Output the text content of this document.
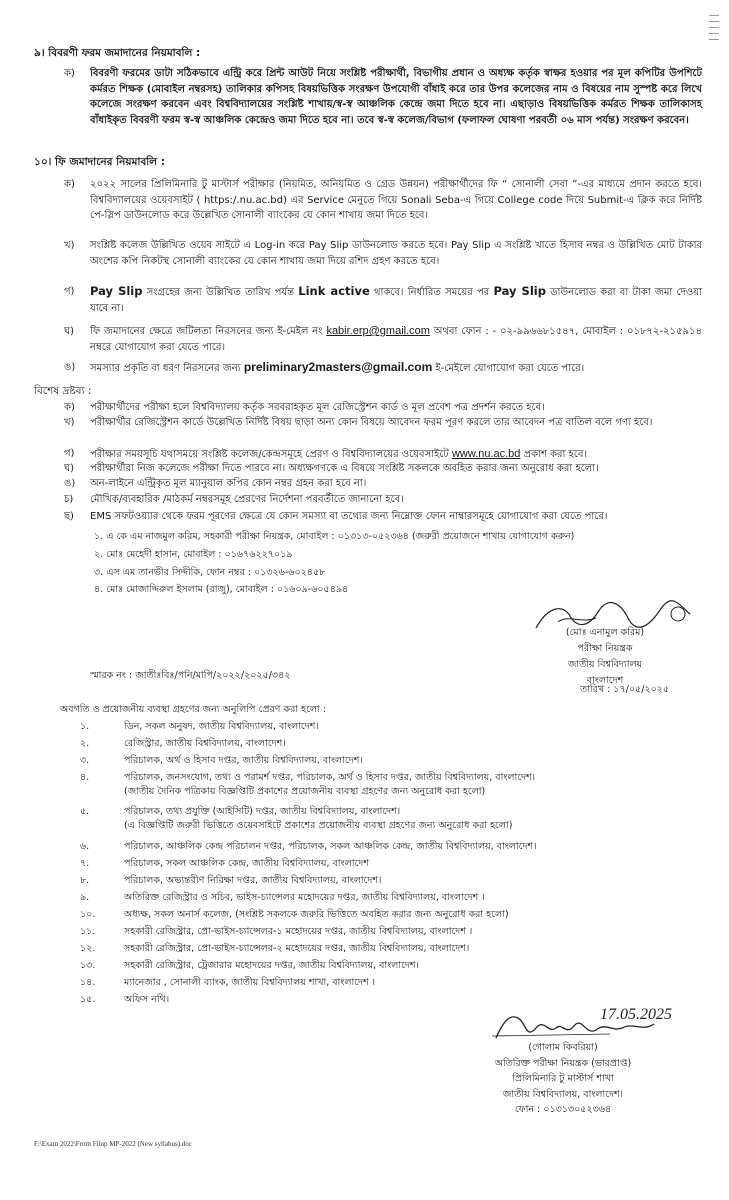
৯। বিবরণী ফরম জমাদানের নিয়মাবলি :
ক) বিবরণী ফরমের ডাটা সঠিকভাবে এন্ট্রি করে প্রিন্ট আউট নিয়ে সংশ্লিষ্ট পরীক্ষার্থী, বিভাগীয় প্রধান ও অধ্যক্ষ কর্তৃক স্বাক্ষর হওয়ার পর মূল কপিটির উপশিটে কর্মরত শিক্ষক (মোবাইল নম্বরসহ) তালিকার কপিসহ বিষয়ভিত্তিক সংরক্ষণ উপযোগী বাঁধাই করে তার উপর কলেজের নাম ও বিষয়ের নাম সুস্পষ্ট করে লিখে কলেজে সংরক্ষণ করবেন এবং বিশ্ববিদ্যালয়ের সংশ্লিষ্ট শাখায়/স্ব-স্ব আঞ্চলিক কেন্দ্রে জমা দিতে হবে না। এছাড়াও বিষয়ভিত্তিক কর্মরত শিক্ষক তালিকাসহ বাঁধাইকৃত বিবরণী ফরম স্ব-স্ব আঞ্চলিক কেন্দ্রেও জমা দিতে হবে না। তবে স্ব-স্ব কলেজ/বিভাগ (ফলাফল ঘোষণা পরবর্তী ০৬ মাস পর্যন্ত) সংরক্ষণ করবেন।
১০। ফি জমাদানের নিয়মাবলি :
ক) ২০২২ সালের প্রিলিমিনারি টু মাস্টার্স পরীক্ষার (নিয়মিত, অনিয়মিত ও গ্রেড উন্নয়ন) পরীক্ষার্থীদের ফি “ সোনালী সেবা ”-এর মাধ্যমে প্রদান করতে হবে। বিশ্ববিদ্যালয়ের ওয়েবসাইট ( https:/.nu.ac.bd) এর Service মেনুতে গিয়ে Sonali Seba-এ গিয়ে College code দিয়ে Submit-এ ক্লিক করে নির্দিষ্ট পে-স্লিপ ডাউনলোড করে উল্লেখিত সোনালী ব্যাংকের যে কোন শাখায় জমা দিতে হবে।
খ) সংশ্লিষ্ট কলেজ উল্লিখিত ওয়েব সাইটে এ Log-in করে Pay Slip ডাউনলোড করতে হবে। Pay Slip এ সংশ্লিষ্ট খাতে হিসাব নম্বর ও উল্লিখিত মোট টাকার অংশের কপি নিকটস্থ সোনালী ব্যাংকের যে কোন শাখায় জমা দিয়ে রশিদ গ্রহণ করতে হবে।
গ) Pay Slip সংগ্রহের জন্য উল্লিখিত তারিখ পর্যন্ত Link active থাকবে। নির্ধারিত সময়ের পর Pay Slip ডাউনলোড করা বা টাকা জমা দেওয়া যাবে না।
ঘ) ফি জমাদানের ক্ষেত্রে জটিলতা নিরসনের জন্য ই-মেইল নং kabir.erp@gmail.com অথবা ফোন : - ০২-৯৯৬৬৮১৫৪৭, মোবাইল : ০১৮৭২-২১৫৯১৪ নম্বরে যোগাযোগ করা যেতে পারে।
ঙ) সমস্যার প্রকৃতি বা ধরণ নিরসনের জন্য preliminary2masters@gmail.com ই-মেইলে যোগাযোগ করা যেতে পারে।
বিশেষ দ্রষ্টব্য :
ক) পরীক্ষার্থীদের পরীক্ষা হলে বিশ্ববিদ্যালয় কর্তৃক সরবরাহকৃত মূল রেজিস্ট্রেশন কার্ড ও মূল প্রবেশ পত্র প্রদর্শন করতে হবে।
খ) পরীক্ষার্থীর রেজিস্ট্রেশন কার্ডে উল্লেখিত নির্দিষ্ট বিষয় ছাড়া অন্য কোন বিষয়ে আবেদন ফরম পূরণ করলে তার আবেদন পত্র বাতিল বলে গণ্য হবে।
গ) পরীক্ষার সময়সূচি যথাসময়ে সংশ্লিষ্ট কলেজ/কেন্দ্রসমূহে প্রেরণ ও বিশ্ববিদ্যালয়ের ওয়েবসাইটে www.nu.ac.bd প্রকাশ করা হবে।
ঘ) পরীক্ষার্থীরা নিজ কলেজে পরীক্ষা দিতে পারবে না। অধ্যক্ষগণকে এ বিষয়ে সংশ্লিষ্ট সকলকে অবহিত করার জন্য অনুরোধ করা হলো।
ঙ) অন-লাইনে এন্ট্রিকৃত মূল ম্যানুয়াল কপির কোন নম্বর গ্রহন করা হবে না।
চ) মৌখিক/ব্যবহারিক /মাঠকর্ম নম্বরসমূহ প্রেরণের নির্দেশনা পরবর্তীতে জানানো হবে।
ছ) EMS সফটওয়্যার থেকে ফরম পূরণের ক্ষেত্রে যে কোন সমস্যা বা তথ্যের জন্য নিম্নোক্ত ফোন নাম্বারসমূহে যোগাযোগ করা যেতে পারে।
১. এ কে এম নাজমুল করিম, সহকারী পরীক্ষা নিয়ন্ত্রক, মোবাইল : ০১৩১৩-০৫২৩৬৪ (জরুরী প্রয়োজনে শাখায় যোগাযোগ করুন)
২. মোঃ মেহেদী হাসান, মোবাইল : ০১৬৭৬২২৭০১৯
৩. এস এম তানভীর সিদ্দীকি, ফোন নম্বর : ০১৩২৬-৬০২৪৫৮
৪. মোঃ মোজাদ্দিরুল ইসলাম (রাজু), মোবাইল : ০১৬০৯-৬০৫৪৯৪
(মোঃ এনামুল করিম)
পরীক্ষা নিয়ন্ত্রক
জাতীয় বিশ্ববিদ্যালয়
বাংলাদেশ
স্মারক নং : জাতীঃবিঃ/পনি/মাপি/২০২২/২০২৫/৩৪২
তারিখ : ১৭/০৫/২০২৫
অবগতি ও প্রয়োজনীয় ব্যবস্থা গ্রহণের জন্য অনুলিপি প্রেরণ করা হলো :
১.	ডিন, সকল অনুষদ, জাতীয় বিশ্ববিদ্যালয়, বাংলাদেশ।
২.	রেজিস্ট্রার, জাতীয় বিশ্ববিদ্যালয়, বাংলাদেশ।
৩.	পরিচালক, অর্থ ও হিসাব দপ্তর, জাতীয় বিশ্ববিদ্যালয়, বাংলাদেশ।
৪.	পরিচালক, জনসংযোগ, তথ্য ও পরামর্শ দপ্তর, পরিচালক, অর্থ ও হিসাব দপ্তর, জাতীয় বিশ্ববিদ্যালয়, বাংলাদেশ।
(জাতীয় দৈনিক পত্রিকায় বিজ্ঞপ্তিটি প্রকাশের প্রয়োজনীয় ব্যবস্থা গ্রহণের জন্য অনুরোধ করা হলো)
৫.	পরিচালক, তথ্য প্রযুক্তি (আইসিটি) দপ্তর, জাতীয় বিশ্ববিদ্যালয়, বাংলাদেশ।
(এ বিজ্ঞপ্তিটি জরুরী ভিত্তিতে ওয়েবসাইটে প্রকাশের প্রয়োজনীয় ব্যবস্থা গ্রহণের জন্য অনুরোধ করা হলো)
৬.	পরিচালক, আঞ্চলিক কেন্দ্র পরিচালন দপ্তর, পরিচালক, সকল আঞ্চলিক কেন্দ্র, জাতীয় বিশ্ববিদ্যালয়, বাংলাদেশ।
৭.	পরিচালক, সকল আঞ্চলিক কেন্দ্র, জাতীয় বিশ্ববিদ্যালয়, বাংলাদেশ
৮.	পরিচালক, অভ্যন্তরীণ নিরিক্ষা দপ্তর, জাতীয় বিশ্ববিদ্যালয়, বাংলাদেশ।
৯.	অতিরিক্ত রেজিস্ট্রার ও সচিব, ভাইস-চ্যান্সেলর মহোদয়ের দপ্তর, জাতীয় বিশ্ববিদ্যালয়, বাংলাদেশ ।
১০.	অধ্যক্ষ, সকল অনার্স কলেজ, (সংশ্লিষ্ট সকলকে জরুরি ভিত্তিতে অবহিত করার জন্য অনুরোধ করা হলো)
১১.	সহকারী রেজিস্ট্রার, প্রো-ভাইস-চ্যান্সেলর-১ মহোদয়ের দপ্তর, জাতীয় বিশ্ববিদ্যালয়, বাংলাদেশ ।
১২.	সহকারী রেজিস্ট্রার, প্রো-ভাইস-চ্যান্সেলর-২ মহোদয়ের দপ্তর, জাতীয় বিশ্ববিদ্যালয়, বাংলাদেশ।
১৩.	সহকারী রেজিস্ট্রার, ট্রেজারার মহোদয়ের দপ্তর, জাতীয় বিশ্ববিদ্যালয়, বাংলাদেশ।
১৪.	ম্যানেজার , সোনালী ব্যাংক, জাতীয় বিশ্ববিদ্যালয় শাখা, বাংলাদেশ ।
১৫.	অফিস নথি।
17.05.2025
(গোলাম কিবরিয়া)
অতিরিক্ত পরীক্ষা নিয়ন্ত্রক (ভারপ্রাপ্ত)
প্রিলিমিনারি টু মাস্টার্স শাখা
জাতীয় বিশ্ববিদ্যালয়, বাংলাদেশ।
ফোন : ০১৩১৩০৫২৩৬৪
F:\Exam 2022\From Filup MP-2022 (New syllabus).doc
